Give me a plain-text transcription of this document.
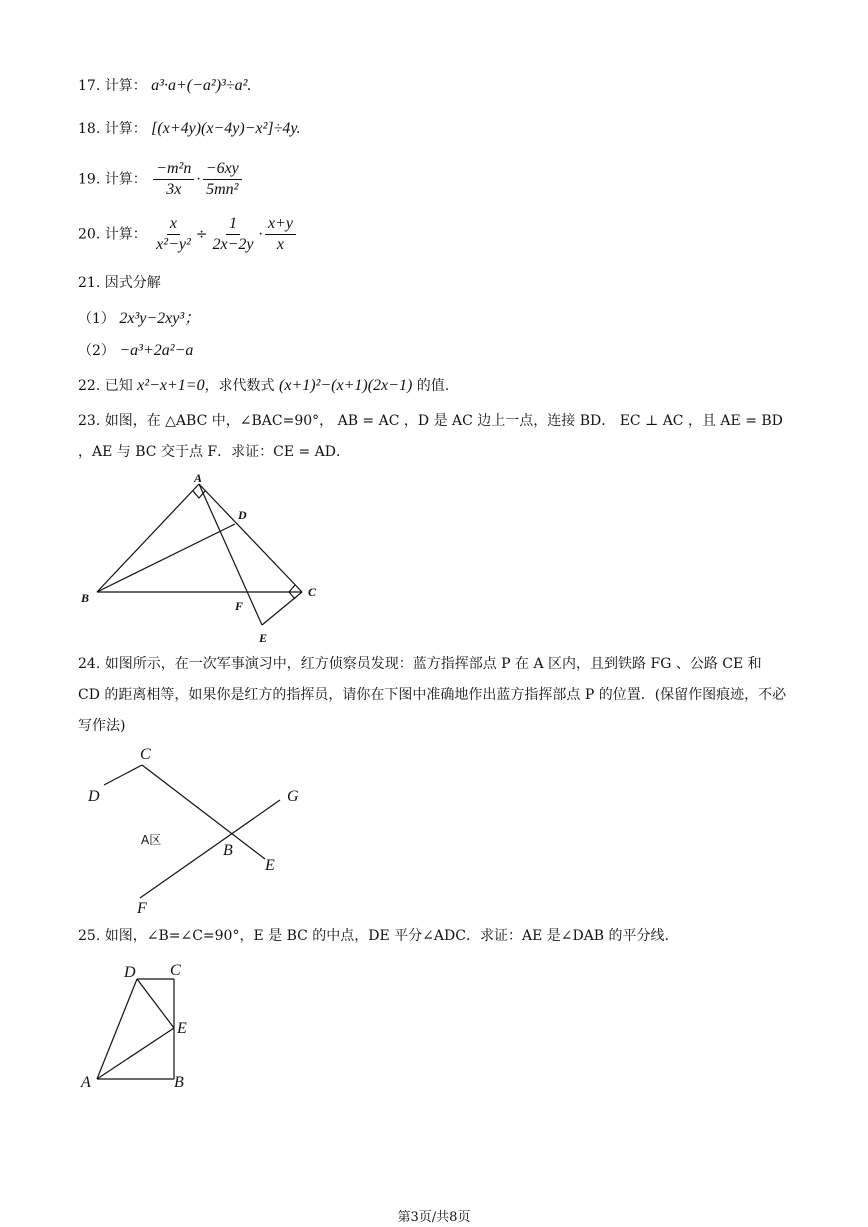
17. 计算： a³·a+(−a²)³÷a².
18. 计算： [(x+4y)(x−4y)−x²]÷4y.
19. 计算： $\frac{\text{−m²n}}{3x} \cdot \frac{-6xy}{\text{5mn²}}$
20. 计算： $\frac{x}{\text{x²−y²}} \div \frac{1}{2x-2y} \cdot \frac{x+y}{x}$
21. 因式分解
（1） 2x³y−2xy³；
（2） −a³+2a²−a
22. 已知 x²−x+1=0，求代数式 (x+1)²−(x+1)(2x−1) 的值.
23. 如图，在 △ABC 中，∠BAC=90°， AB = AC ，D 是 AC 边上一点，连接 BD． EC ⊥ AC ，且 AE = BD ，AE 与 BC 交于点 F．求证：CE = AD．
A
D
B	C
F
E
24. 如图所示，在一次军事演习中，红方侦察员发现：蓝方指挥部点 P 在 A 区内，且到铁路 FG 、公路 CE 和 CD 的距离相等，如果你是红方的指挥员，请你在下图中准确地作出蓝方指挥部点 P 的位置．(保留作图痕迹，不必写作法)
C
D	G
B
E
F
A区
25. 如图，∠B=∠C=90°，E 是 BC 的中点，DE 平分∠ADC．求证：AE 是∠DAB 的平分线.
D C
E
A	B
第3页/共8页
